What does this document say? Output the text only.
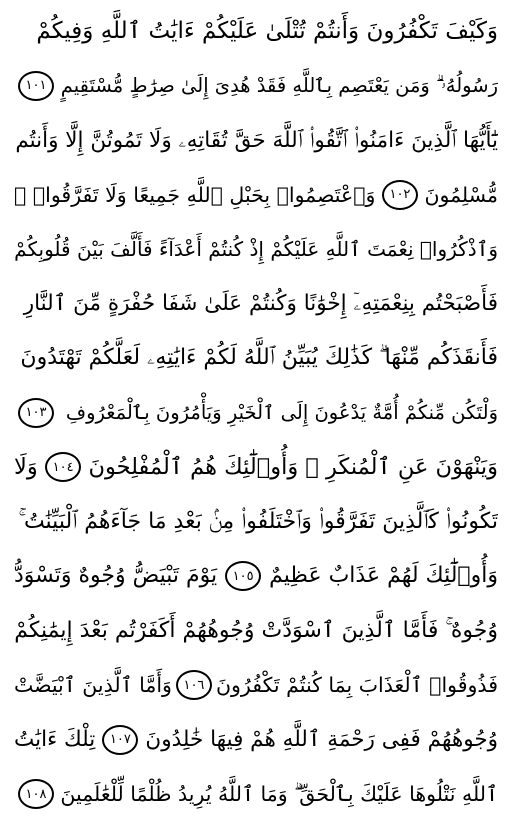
وَكَيْفَ تَكْفُرُونَ وَأَنتُمْ تُتْلَىٰ عَلَيْكُمْ ءَايَٰتُ ٱللَّهِ وَفِيكُمْ
رَسُولُهُۥ ۗ وَمَن يَعْتَصِم بِٱللَّهِ فَقَدْ هُدِىَ إِلَىٰ صِرَٰطٍ مُّسْتَقِيمٍ
١٠١
يَٰٓأَيُّهَا ٱلَّذِينَ ءَامَنُوا۟ ٱتَّقُوا۟ ٱللَّهَ حَقَّ تُقَاتِهِۦ وَلَا تَمُوتُنَّ إِلَّا وَأَنتُم
مُّسْلِمُونَ
١٠٢
وَٱعْتَصِمُوا۟ بِحَبْلِ ٱللَّهِ جَمِيعًا وَلَا تَفَرَّقُوا۟ ۚ
وَٱذْكُرُوا۟ نِعْمَتَ ٱللَّهِ عَلَيْكُمْ إِذْ كُنتُمْ أَعْدَآءً فَأَلَّفَ بَيْنَ قُلُوبِكُمْ
فَأَصْبَحْتُم بِنِعْمَتِهِۦٓ إِخْوَٰنًا وَكُنتُمْ عَلَىٰ شَفَا حُفْرَةٍ مِّنَ ٱلنَّارِ
فَأَنقَذَكُم مِّنْهَا ۗ كَذَٰلِكَ يُبَيِّنُ ٱللَّهُ لَكُمْ ءَايَٰتِهِۦ لَعَلَّكُمْ تَهْتَدُونَ
وَلْتَكُن مِّنكُمْ أُمَّةٌ يَدْعُونَ إِلَى ٱلْخَيْرِ وَيَأْمُرُونَ بِٱلْمَعْرُوفِ
١٠٣
وَيَنْهَوْنَ عَنِ ٱلْمُنكَرِ ۚ وَأُو۟لَٰٓئِكَ هُمُ ٱلْمُفْلِحُونَ
١٠٤
وَلَا
تَكُونُوا۟ كَٱلَّذِينَ تَفَرَّقُوا۟ وَٱخْتَلَفُوا۟ مِنۢ بَعْدِ مَا جَآءَهُمُ ٱلْبَيِّنَٰتُ ۚ
وَأُو۟لَٰٓئِكَ لَهُمْ عَذَابٌ عَظِيمٌ
١٠٥
يَوْمَ تَبْيَضُّ وُجُوهٌ وَتَسْوَدُّ
وُجُوهٌ ۚ فَأَمَّا ٱلَّذِينَ ٱسْوَدَّتْ وُجُوهُهُمْ أَكَفَرْتُم بَعْدَ إِيمَٰنِكُمْ
فَذُوقُوا۟ ٱلْعَذَابَ بِمَا كُنتُمْ تَكْفُرُونَ
١٠٦
وَأَمَّا ٱلَّذِينَ ٱبْيَضَّتْ
وُجُوهُهُمْ فَفِى رَحْمَةِ ٱللَّهِ هُمْ فِيهَا خَٰلِدُونَ
١٠٧
تِلْكَ ءَايَٰتُ
ٱللَّهِ نَتْلُوهَا عَلَيْكَ بِٱلْحَقِّ ۗ وَمَا ٱللَّهُ يُرِيدُ ظُلْمًا لِّلْعَٰلَمِينَ
١٠٨
